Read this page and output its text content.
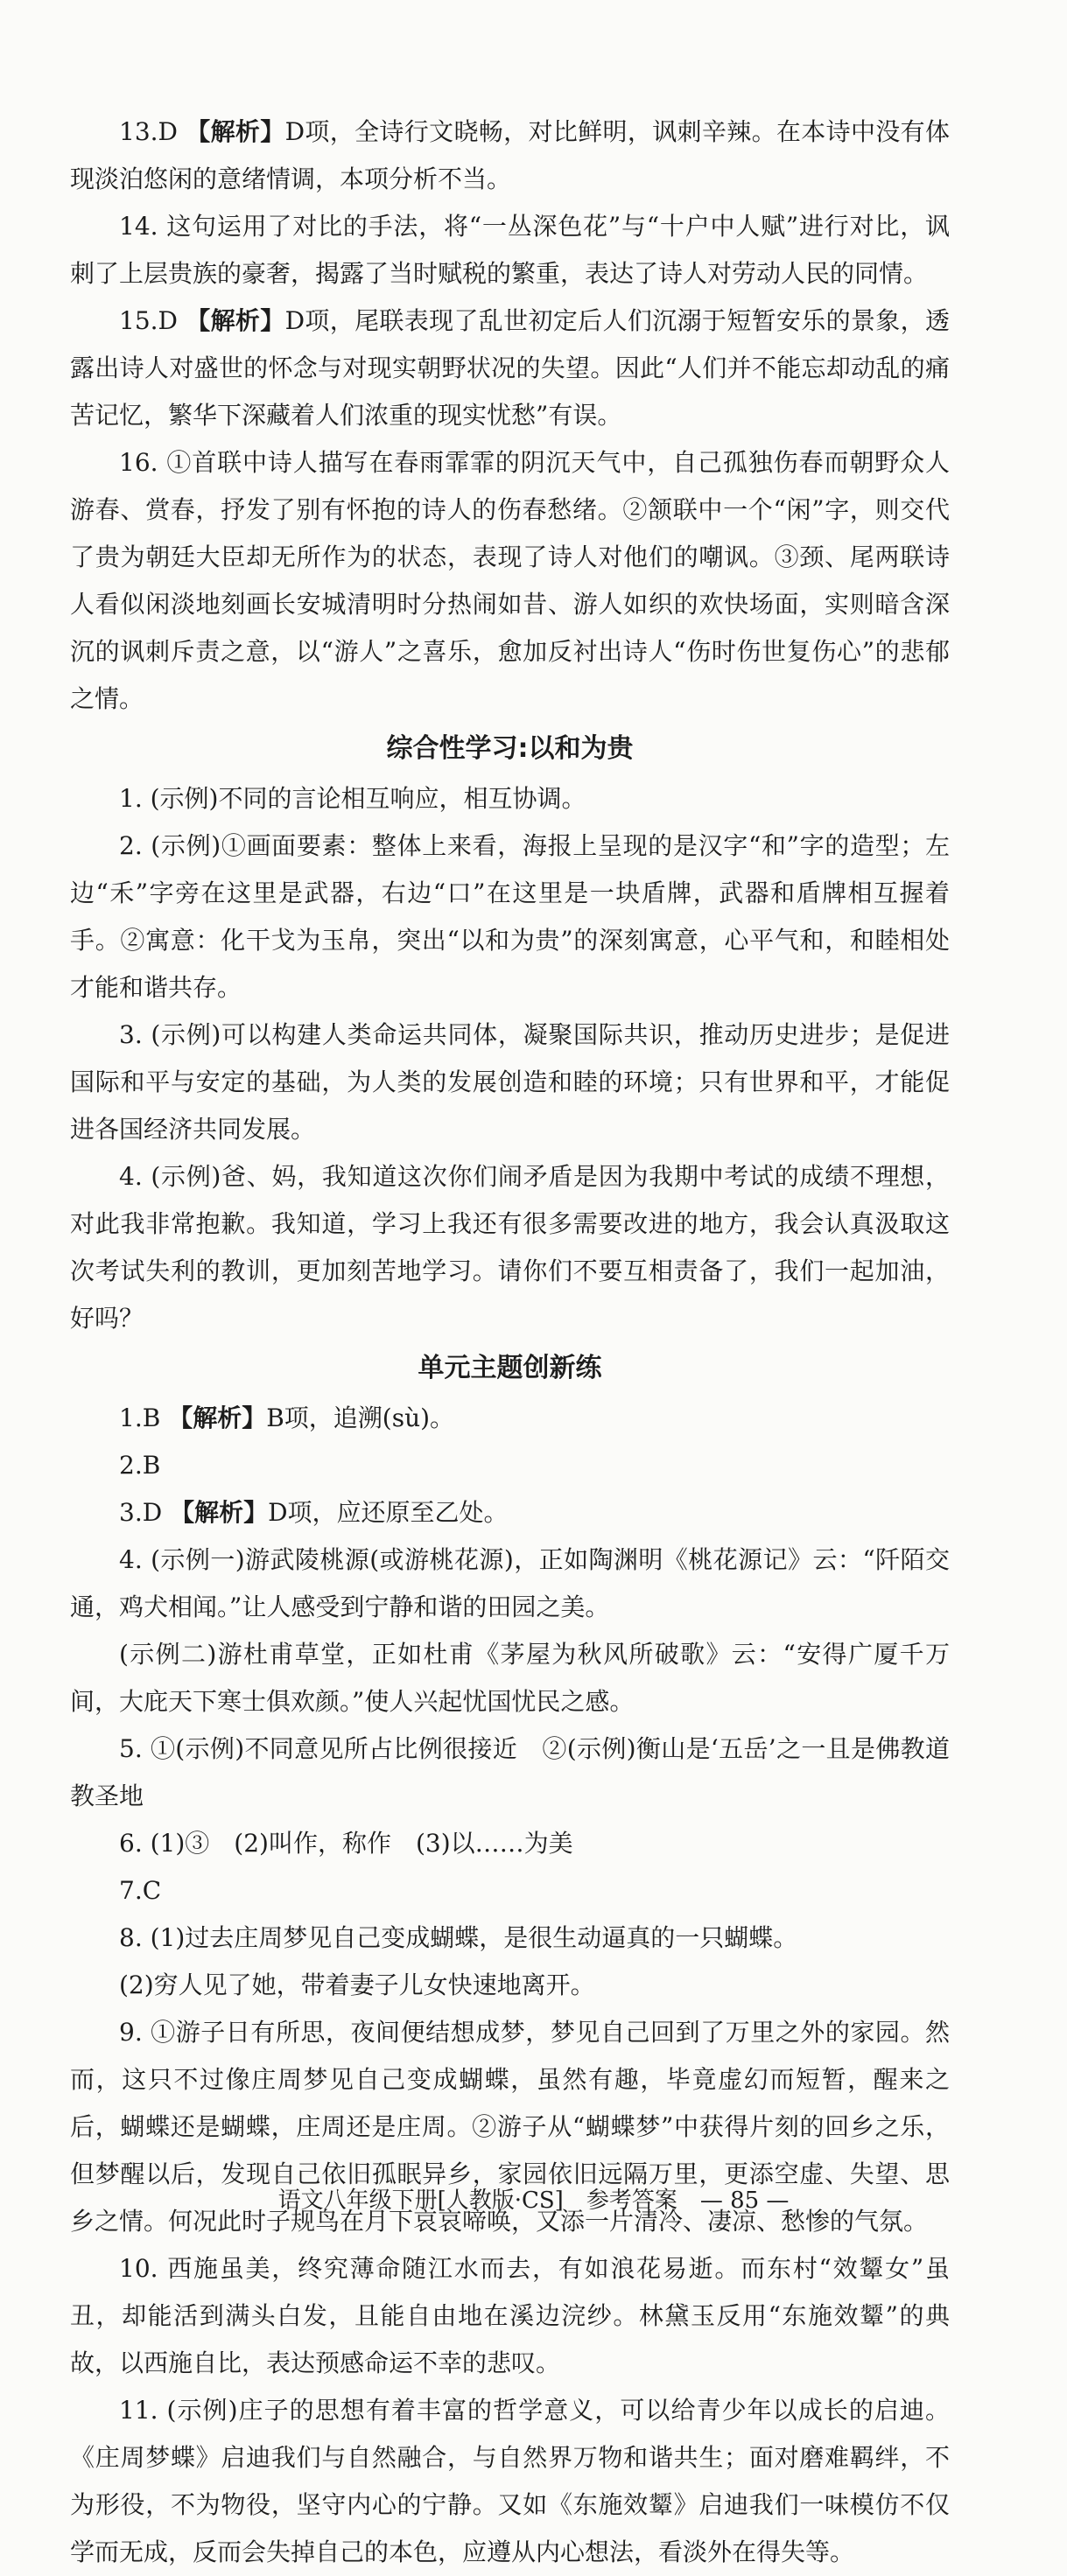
13.D 【解析】D项，全诗行文晓畅，对比鲜明，讽刺辛辣。在本诗中没有体现淡泊悠闲的意绪情调，本项分析不当。

14. 这句运用了对比的手法，将“一丛深色花”与“十户中人赋”进行对比，讽刺了上层贵族的豪奢，揭露了当时赋税的繁重，表达了诗人对劳动人民的同情。

15.D 【解析】D项，尾联表现了乱世初定后人们沉溺于短暂安乐的景象，透露出诗人对盛世的怀念与对现实朝野状况的失望。因此“人们并不能忘却动乱的痛苦记忆，繁华下深藏着人们浓重的现实忧愁”有误。

16. ①首联中诗人描写在春雨霏霏的阴沉天气中，自己孤独伤春而朝野众人游春、赏春，抒发了别有怀抱的诗人的伤春愁绪。②颔联中一个“闲”字，则交代了贵为朝廷大臣却无所作为的状态，表现了诗人对他们的嘲讽。③颈、尾两联诗人看似闲淡地刻画长安城清明时分热闹如昔、游人如织的欢快场面，实则暗含深沉的讽刺斥责之意，以“游人”之喜乐，愈加反衬出诗人“伤时伤世复伤心”的悲郁之情。

综合性学习:以和为贵

1. (示例)不同的言论相互响应，相互协调。

2. (示例)①画面要素：整体上来看，海报上呈现的是汉字“和”字的造型；左边“禾”字旁在这里是武器，右边“口”在这里是一块盾牌，武器和盾牌相互握着手。②寓意：化干戈为玉帛，突出“以和为贵”的深刻寓意，心平气和，和睦相处才能和谐共存。

3. (示例)可以构建人类命运共同体，凝聚国际共识，推动历史进步；是促进国际和平与安定的基础，为人类的发展创造和睦的环境；只有世界和平，才能促进各国经济共同发展。

4. (示例)爸、妈，我知道这次你们闹矛盾是因为我期中考试的成绩不理想，对此我非常抱歉。我知道，学习上我还有很多需要改进的地方，我会认真汲取这次考试失利的教训，更加刻苦地学习。请你们不要互相责备了，我们一起加油，好吗？

单元主题创新练

1.B 【解析】B项，追溯(sù)。

2.B

3.D 【解析】D项，应还原至乙处。

4. (示例一)游武陵桃源(或游桃花源)，正如陶渊明《桃花源记》云：“阡陌交通，鸡犬相闻。”让人感受到宁静和谐的田园之美。

(示例二)游杜甫草堂，正如杜甫《茅屋为秋风所破歌》云：“安得广厦千万间，大庇天下寒士俱欢颜。”使人兴起忧国忧民之感。

5. ①(示例)不同意见所占比例很接近　②(示例)衡山是‘五岳’之一且是佛教道教圣地

6. (1)③　(2)叫作，称作　(3)以……为美

7.C

8. (1)过去庄周梦见自己变成蝴蝶，是很生动逼真的一只蝴蝶。

(2)穷人见了她，带着妻子儿女快速地离开。

9. ①游子日有所思，夜间便结想成梦，梦见自己回到了万里之外的家园。然而，这只不过像庄周梦见自己变成蝴蝶，虽然有趣，毕竟虚幻而短暂，醒来之后，蝴蝶还是蝴蝶，庄周还是庄周。②游子从“蝴蝶梦”中获得片刻的回乡之乐，但梦醒以后，发现自己依旧孤眠异乡，家园依旧远隔万里，更添空虚、失望、思乡之情。何况此时子规鸟在月下哀哀啼唤，又添一片清冷、凄凉、愁惨的气氛。

10. 西施虽美，终究薄命随江水而去，有如浪花易逝。而东村“效颦女”虽丑，却能活到满头白发，且能自由地在溪边浣纱。林黛玉反用“东施效颦”的典故，以西施自比，表达预感命运不幸的悲叹。

11. (示例)庄子的思想有着丰富的哲学意义，可以给青少年以成长的启迪。《庄周梦蝶》启迪我们与自然融合，与自然界万物和谐共生；面对磨难羁绊，不为形役，不为物役，坚守内心的宁静。又如《东施效颦》启迪我们一味模仿不仅学而无成，反而会失掉自己的本色，应遵从内心想法，看淡外在得失等。

语文八年级下册[人教版·CS]　参考答案　— 85 —
